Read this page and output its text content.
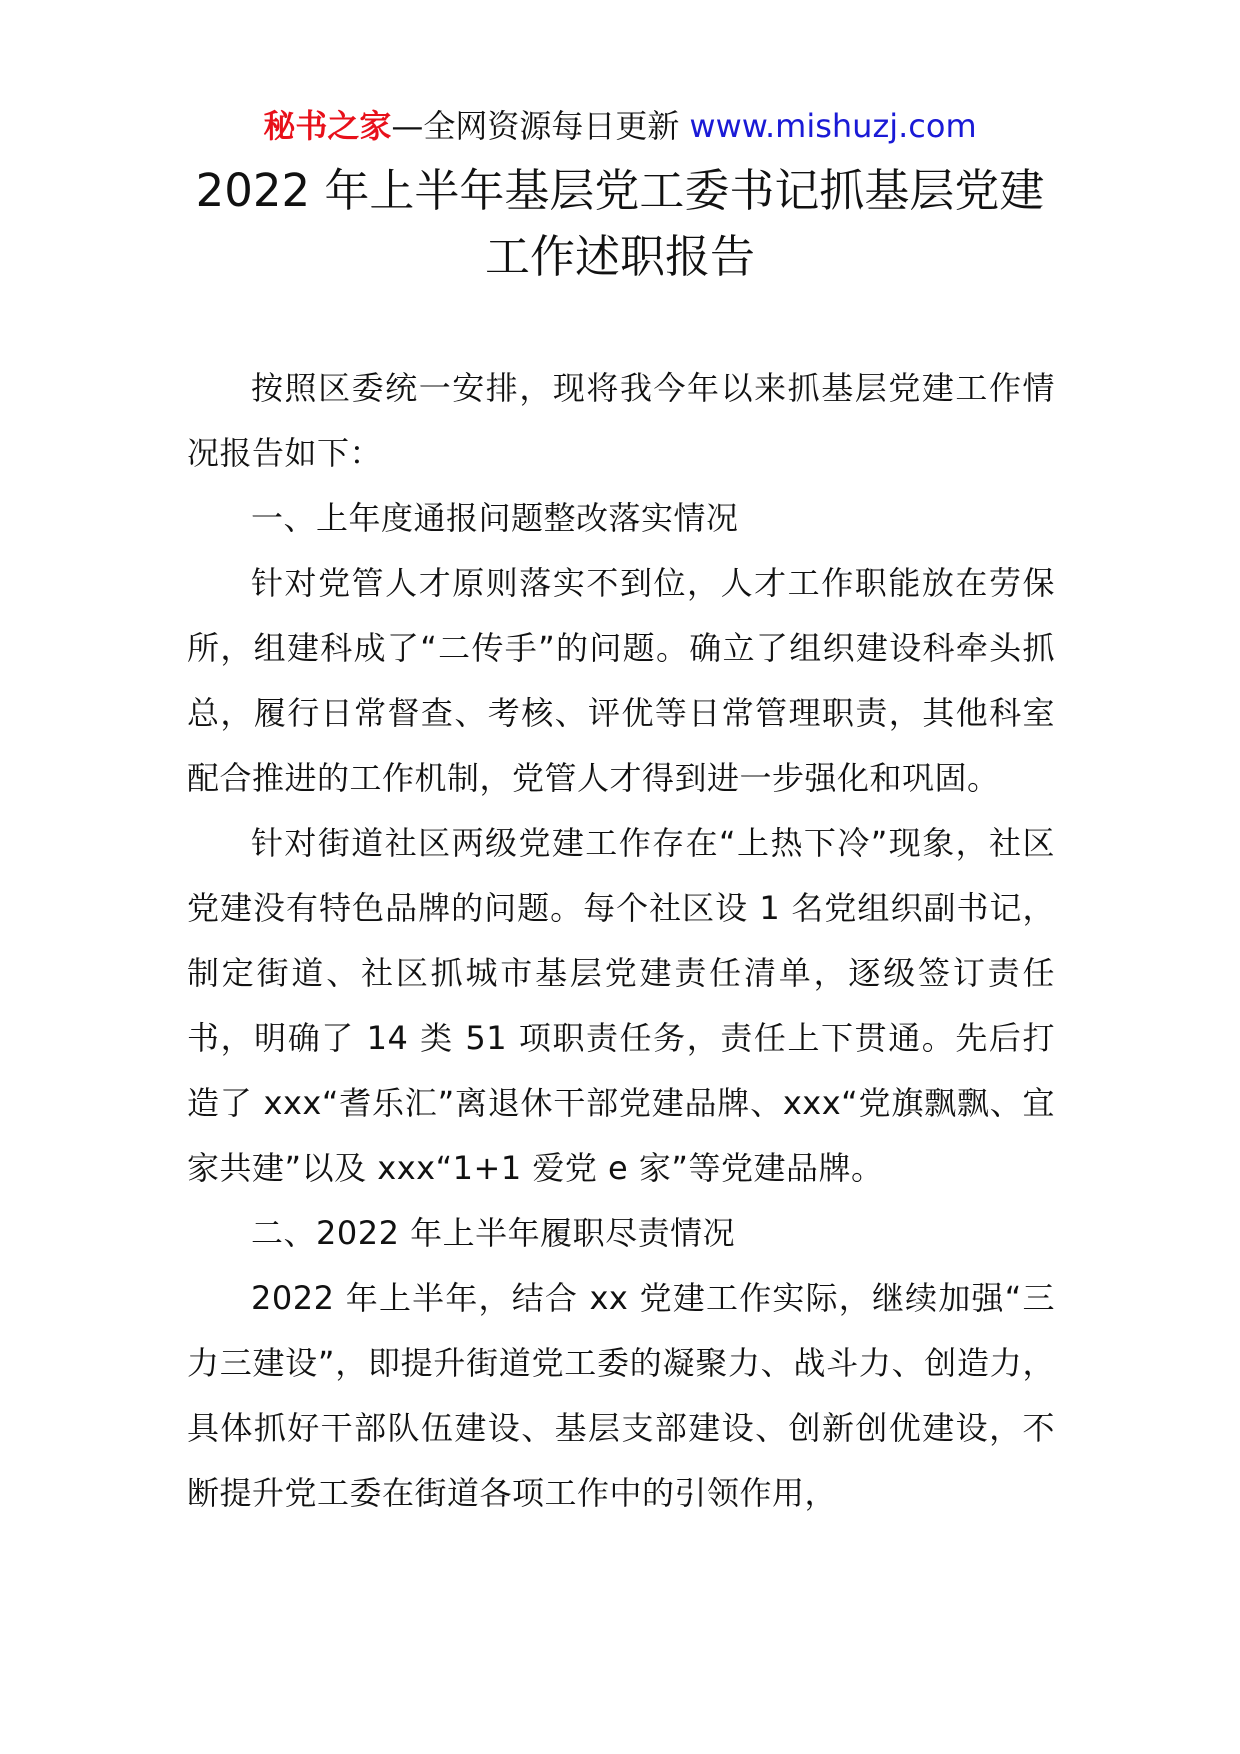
秘书之家—全网资源每日更新 www.mishuzj.com
2022 年上半年基层党工委书记抓基层党建
工作述职报告

按照区委统一安排，现将我今年以来抓基层党建工作情况报告如下：

一、上年度通报问题整改落实情况

针对党管人才原则落实不到位，人才工作职能放在劳保所，组建科成了“二传手”的问题。确立了组织建设科牵头抓总，履行日常督查、考核、评优等日常管理职责，其他科室配合推进的工作机制，党管人才得到进一步强化和巩固。

针对街道社区两级党建工作存在“上热下冷”现象，社区党建没有特色品牌的问题。每个社区设 1 名党组织副书记，制定街道、社区抓城市基层党建责任清单，逐级签订责任书，明确了 14 类 51 项职责任务，责任上下贯通。先后打造了 xxx“耆乐汇”离退休干部党建品牌、xxx“党旗飘飘、宜家共建”以及 xxx“1+1 爱党 e 家”等党建品牌。

二、2022 年上半年履职尽责情况

2022 年上半年，结合 xx 党建工作实际，继续加强“三力三建设”，即提升街道党工委的凝聚力、战斗力、创造力，具体抓好干部队伍建设、基层支部建设、创新创优建设，不断提升党工委在街道各项工作中的引领作用，
